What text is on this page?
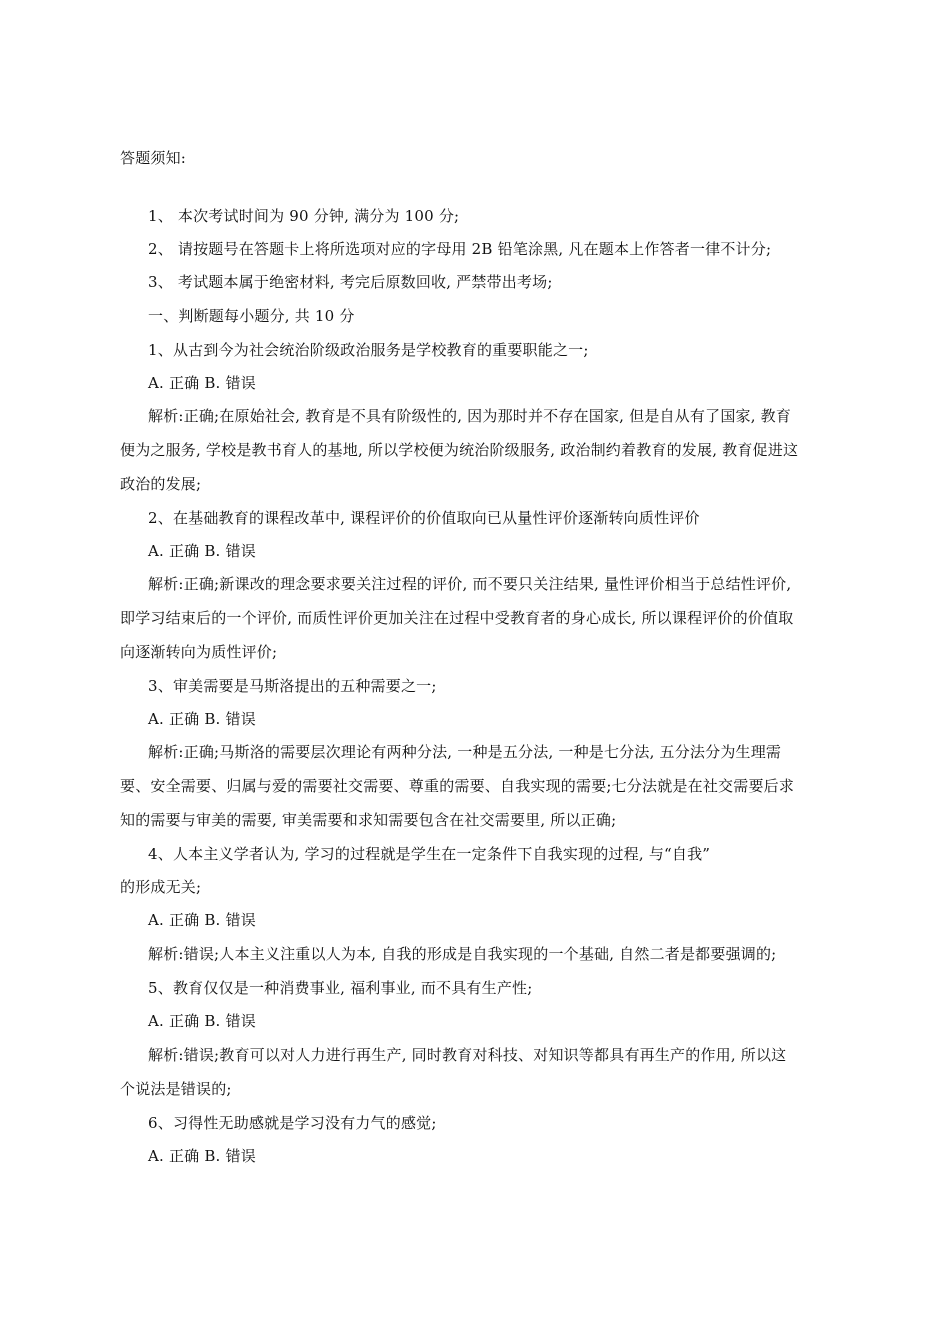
答题须知:
1、 本次考试时间为 90 分钟, 满分为 100 分;
2、 请按题号在答题卡上将所选项对应的字母用 2B 铅笔涂黑, 凡在题本上作答者一律不计分;
3、 考试题本属于绝密材料, 考完后原数回收, 严禁带出考场;
一、判断题每小题分, 共 10 分
1、从古到今为社会统治阶级政治服务是学校教育的重要职能之一;
A. 正确 B. 错误
解析:正确;在原始社会, 教育是不具有阶级性的, 因为那时并不存在国家, 但是自从有了国家, 教育
便为之服务, 学校是教书育人的基地, 所以学校便为统治阶级服务, 政治制约着教育的发展, 教育促进这
政治的发展;
2、在基础教育的课程改革中, 课程评价的价值取向已从量性评价逐渐转向质性评价
A. 正确 B. 错误
解析:正确;新课改的理念要求要关注过程的评价, 而不要只关注结果, 量性评价相当于总结性评价,
即学习结束后的一个评价, 而质性评价更加关注在过程中受教育者的身心成长, 所以课程评价的价值取
向逐渐转向为质性评价;
3、审美需要是马斯洛提出的五种需要之一;
A. 正确 B. 错误
解析:正确;马斯洛的需要层次理论有两种分法, 一种是五分法, 一种是七分法, 五分法分为生理需
要、安全需要、归属与爱的需要社交需要、尊重的需要、自我实现的需要;七分法就是在社交需要后求
知的需要与审美的需要, 审美需要和求知需要包含在社交需要里, 所以正确;
4、人本主义学者认为, 学习的过程就是学生在一定条件下自我实现的过程, 与“自我”
的形成无关;
A. 正确 B. 错误
解析:错误;人本主义注重以人为本, 自我的形成是自我实现的一个基础, 自然二者是都要强调的;
5、教育仅仅是一种消费事业, 福利事业, 而不具有生产性;
A. 正确 B. 错误
解析:错误;教育可以对人力进行再生产, 同时教育对科技、对知识等都具有再生产的作用, 所以这
个说法是错误的;
6、习得性无助感就是学习没有力气的感觉;
A. 正确 B. 错误
